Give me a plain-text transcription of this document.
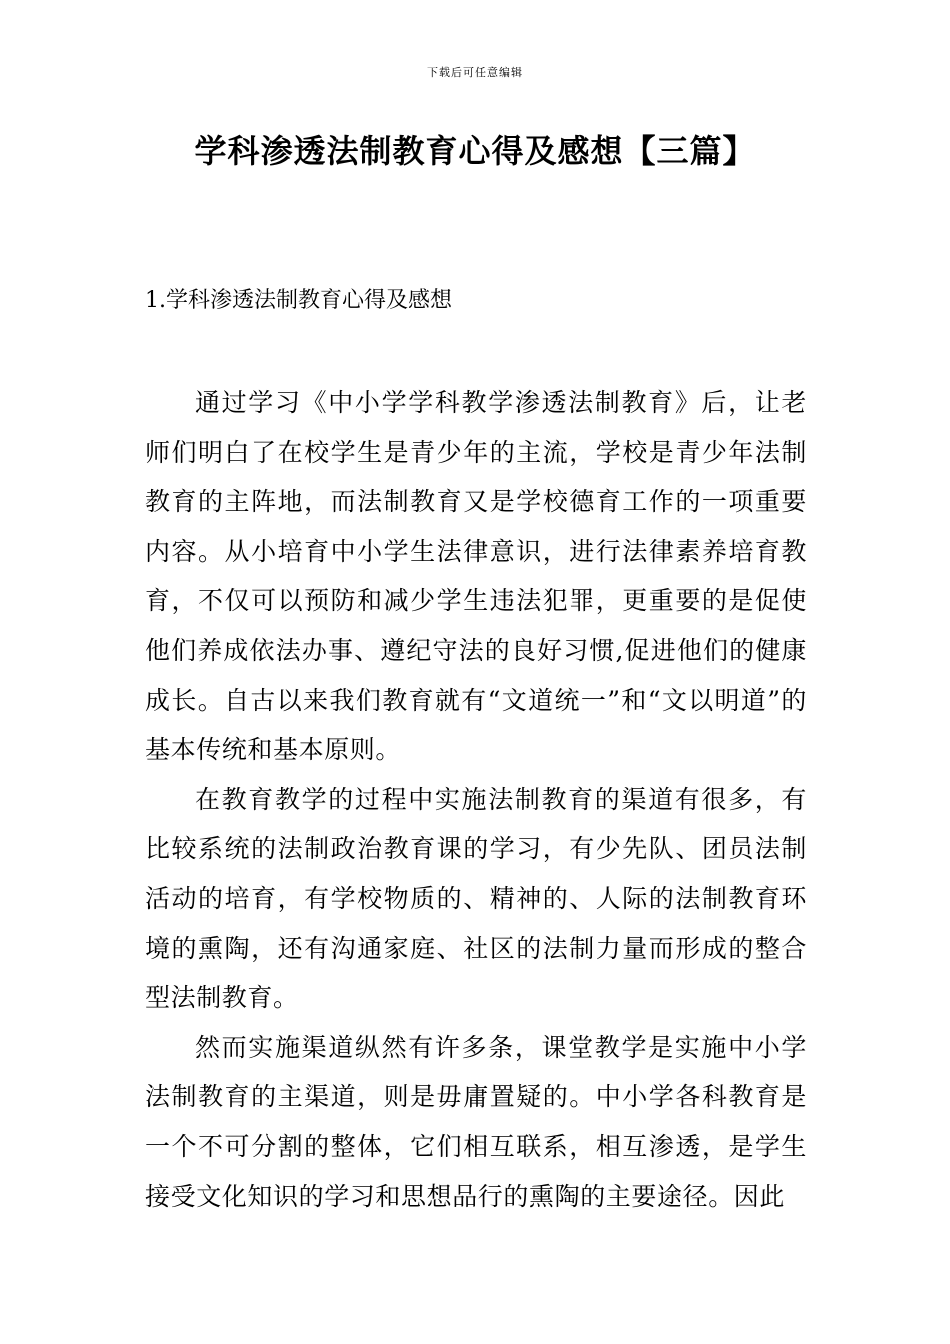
下载后可任意编辑
学科渗透法制教育心得及感想【三篇】
1.学科渗透法制教育心得及感想

通过学习《中小学学科教学渗透法制教育》后，让老师们明白了在校学生是青少年的主流，学校是青少年法制教育的主阵地，而法制教育又是学校德育工作的一项重要内容。从小培育中小学生法律意识，进行法律素养培育教育，不仅可以预防和减少学生违法犯罪，更重要的是促使他们养成依法办事、遵纪守法的良好习惯,促进他们的健康成长。自古以来我们教育就有“文道统一”和“文以明道”的基本传统和基本原则。

在教育教学的过程中实施法制教育的渠道有很多，有比较系统的法制政治教育课的学习，有少先队、团员法制活动的培育，有学校物质的、精神的、人际的法制教育环境的熏陶，还有沟通家庭、社区的法制力量而形成的整合型法制教育。

然而实施渠道纵然有许多条，课堂教学是实施中小学法制教育的主渠道，则是毋庸置疑的。中小学各科教育是一个不可分割的整体，它们相互联系，相互渗透，是学生接受文化知识的学习和思想品行的熏陶的主要途径。因此
